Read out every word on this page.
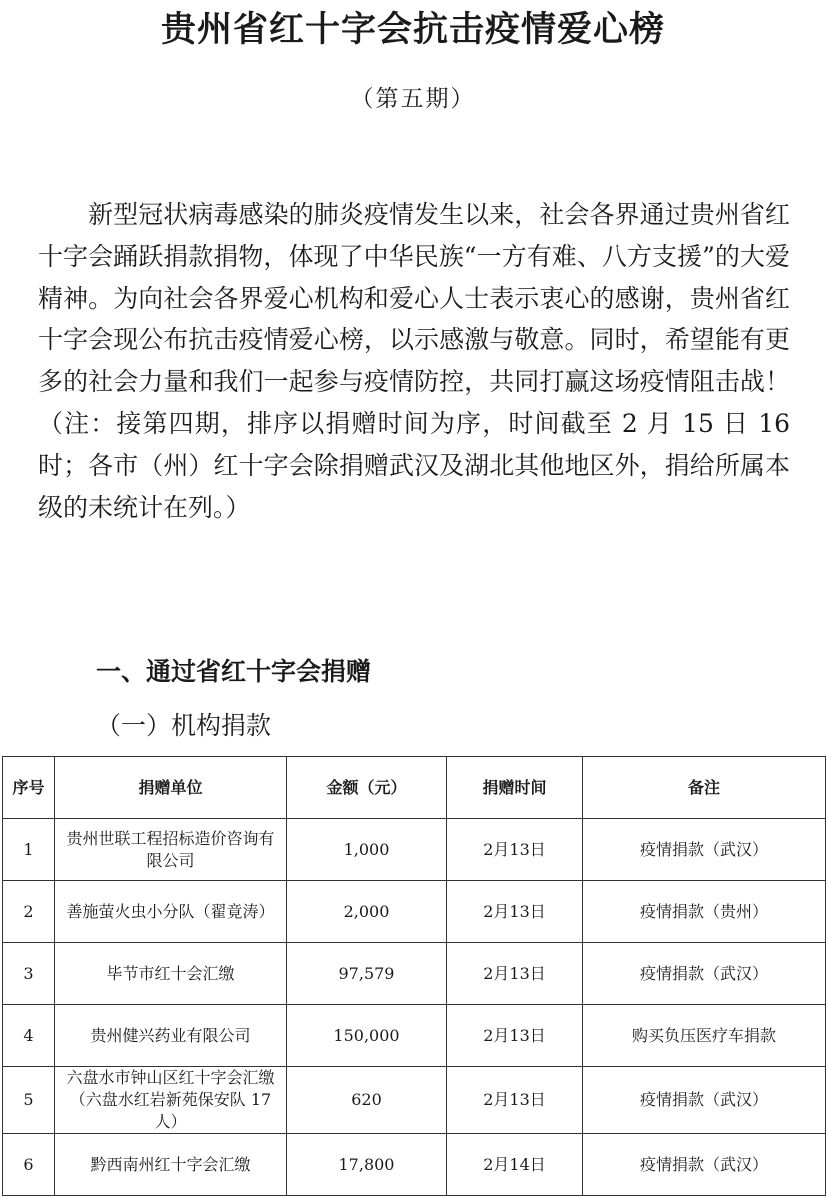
贵州省红十字会抗击疫情爱心榜
（第五期）

新型冠状病毒感染的肺炎疫情发生以来，社会各界通过贵州省红十字会踊跃捐款捐物，体现了中华民族“一方有难、八方支援”的大爱精神。为向社会各界爱心机构和爱心人士表示衷心的感谢，贵州省红十字会现公布抗击疫情爱心榜，以示感激与敬意。同时，希望能有更多的社会力量和我们一起参与疫情防控，共同打赢这场疫情阻击战！（注：接第四期，排序以捐赠时间为序，时间截至 2 月 15 日 16 时；各市（州）红十字会除捐赠武汉及湖北其他地区外，捐给所属本级的未统计在列。）

一、通过省红十字会捐赠
（一）机构捐款
序号	捐赠单位	金额（元）	捐赠时间	备注
1	贵州世联工程招标造价咨询有限公司	1,000	2月13日	疫情捐款（武汉）
2	善施萤火虫小分队（翟竟涛）	2,000	2月13日	疫情捐款（贵州）
3	毕节市红十会汇缴	97,579	2月13日	疫情捐款（武汉）
4	贵州健兴药业有限公司	150,000	2月13日	购买负压医疗车捐款
5	六盘水市钟山区红十字会汇缴（六盘水红岩新苑保安队 17 人）	620	2月13日	疫情捐款（武汉）
6	黔西南州红十字会汇缴	17,800	2月14日	疫情捐款（武汉）
